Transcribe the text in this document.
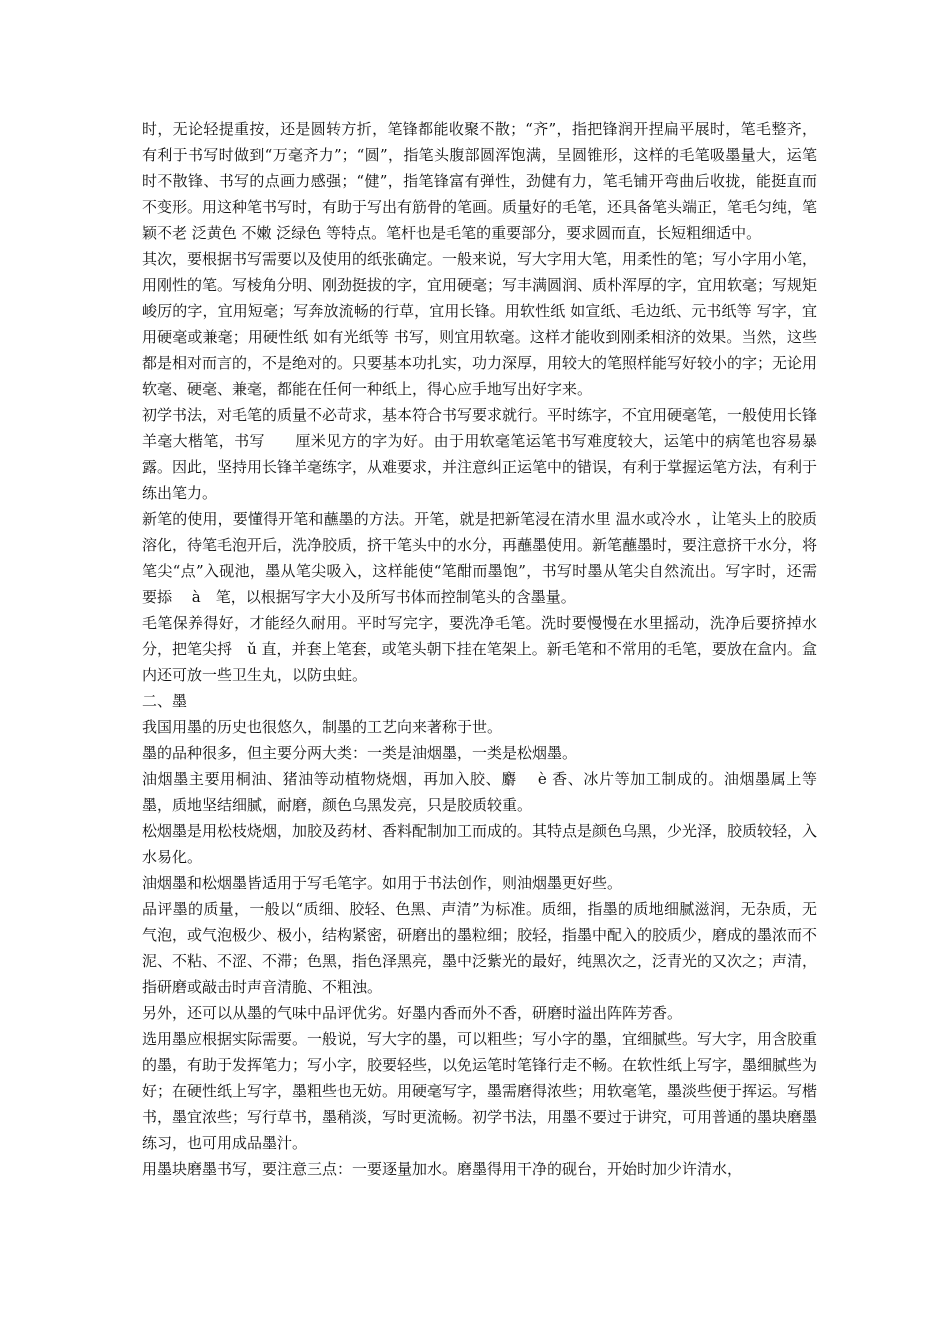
时，无论轻提重按，还是圆转方折，笔锋都能收聚不散；“齐”，指把锋润开捏扁平展时，笔毛整齐，有利于书写时做到“万毫齐力”；“圆”，指笔头腹部圆浑饱满，呈圆锥形，这样的毛笔吸墨量大，运笔时不散锋、书写的点画力感强；“健”，指笔锋富有弹性，劲健有力，笔毛铺开弯曲后收拢，能挺直而不变形。用这种笔书写时，有助于写出有筋骨的笔画。质量好的毛笔，还具备笔头端正，笔毛匀纯，笔颖不老 泛黄色 不嫩 泛绿色 等特点。笔杆也是毛笔的重要部分，要求圆而直，长短粗细适中。

其次，要根据书写需要以及使用的纸张确定。一般来说，写大字用大笔，用柔性的笔；写小字用小笔，用刚性的笔。写棱角分明、刚劲挺拔的字，宜用硬毫；写丰满圆润、质朴浑厚的字，宜用软毫；写规矩峻厉的字，宜用短毫；写奔放流畅的行草，宜用长锋。用软性纸 如宣纸、毛边纸、元书纸等 写字，宜用硬毫或兼毫；用硬性纸 如有光纸等 书写，则宜用软毫。这样才能收到刚柔相济的效果。当然，这些都是相对而言的，不是绝对的。只要基本功扎实，功力深厚，用较大的笔照样能写好较小的字；无论用软毫、硬毫、兼毫，都能在任何一种纸上，得心应手地写出好字来。

初学书法，对毛笔的质量不必苛求，基本符合书写要求就行。平时练字，不宜用硬毫笔，一般使用长锋羊毫大楷笔，书写　　厘米见方的字为好。由于用软毫笔运笔书写难度较大，运笔中的病笔也容易暴露。因此，坚持用长锋羊毫练字，从难要求，并注意纠正运笔中的错误，有利于掌握运笔方法，有利于练出笔力。

新笔的使用，要懂得开笔和蘸墨的方法。开笔，就是把新笔浸在清水里 温水或冷水 ，让笔头上的胶质溶化，待笔毛泡开后，洗净胶质，挤干笔头中的水分，再蘸墨使用。新笔蘸墨时，要注意挤干水分，将笔尖“点”入砚池，墨从笔尖吸入，这样能使“笔酣而墨饱”，书写时墨从笔尖自然流出。写字时，还需要掭　 à　笔，以根据写字大小及所写书体而控制笔头的含墨量。

毛笔保养得好，才能经久耐用。平时写完字，要洗净毛笔。洗时要慢慢在水里摇动，洗净后要挤掉水分，把笔尖捋　ǔ 直，并套上笔套，或笔头朝下挂在笔架上。新毛笔和不常用的毛笔，要放在盒内。盒内还可放一些卫生丸，以防虫蛀。

二、墨

我国用墨的历史也很悠久，制墨的工艺向来著称于世。

墨的品种很多，但主要分两大类：一类是油烟墨，一类是松烟墨。

油烟墨主要用桐油、猪油等动植物烧烟，再加入胶、麝　 è 香、冰片等加工制成的。油烟墨属上等墨，质地坚结细腻，耐磨，颜色乌黑发亮，只是胶质较重。

松烟墨是用松枝烧烟，加胶及药材、香料配制加工而成的。其特点是颜色乌黑，少光泽，胶质较轻，入水易化。

油烟墨和松烟墨皆适用于写毛笔字。如用于书法创作，则油烟墨更好些。

品评墨的质量，一般以“质细、胶轻、色黑、声清”为标准。质细，指墨的质地细腻滋润，无杂质，无气泡，或气泡极少、极小，结构紧密，研磨出的墨粒细；胶轻，指墨中配入的胶质少，磨成的墨浓而不泥、不粘、不涩、不滞；色黑，指色泽黑亮，墨中泛紫光的最好，纯黑次之，泛青光的又次之；声清，指研磨或敲击时声音清脆、不粗浊。

另外，还可以从墨的气味中品评优劣。好墨内香而外不香，研磨时溢出阵阵芳香。

选用墨应根据实际需要。一般说，写大字的墨，可以粗些；写小字的墨，宜细腻些。写大字，用含胶重的墨，有助于发挥笔力；写小字，胶要轻些，以免运笔时笔锋行走不畅。在软性纸上写字，墨细腻些为好；在硬性纸上写字，墨粗些也无妨。用硬毫写字，墨需磨得浓些；用软毫笔，墨淡些便于挥运。写楷书，墨宜浓些；写行草书，墨稍淡，写时更流畅。初学书法，用墨不要过于讲究，可用普通的墨块磨墨练习，也可用成品墨汁。

用墨块磨墨书写，要注意三点：一要逐量加水。磨墨得用干净的砚台，开始时加少许清水，
